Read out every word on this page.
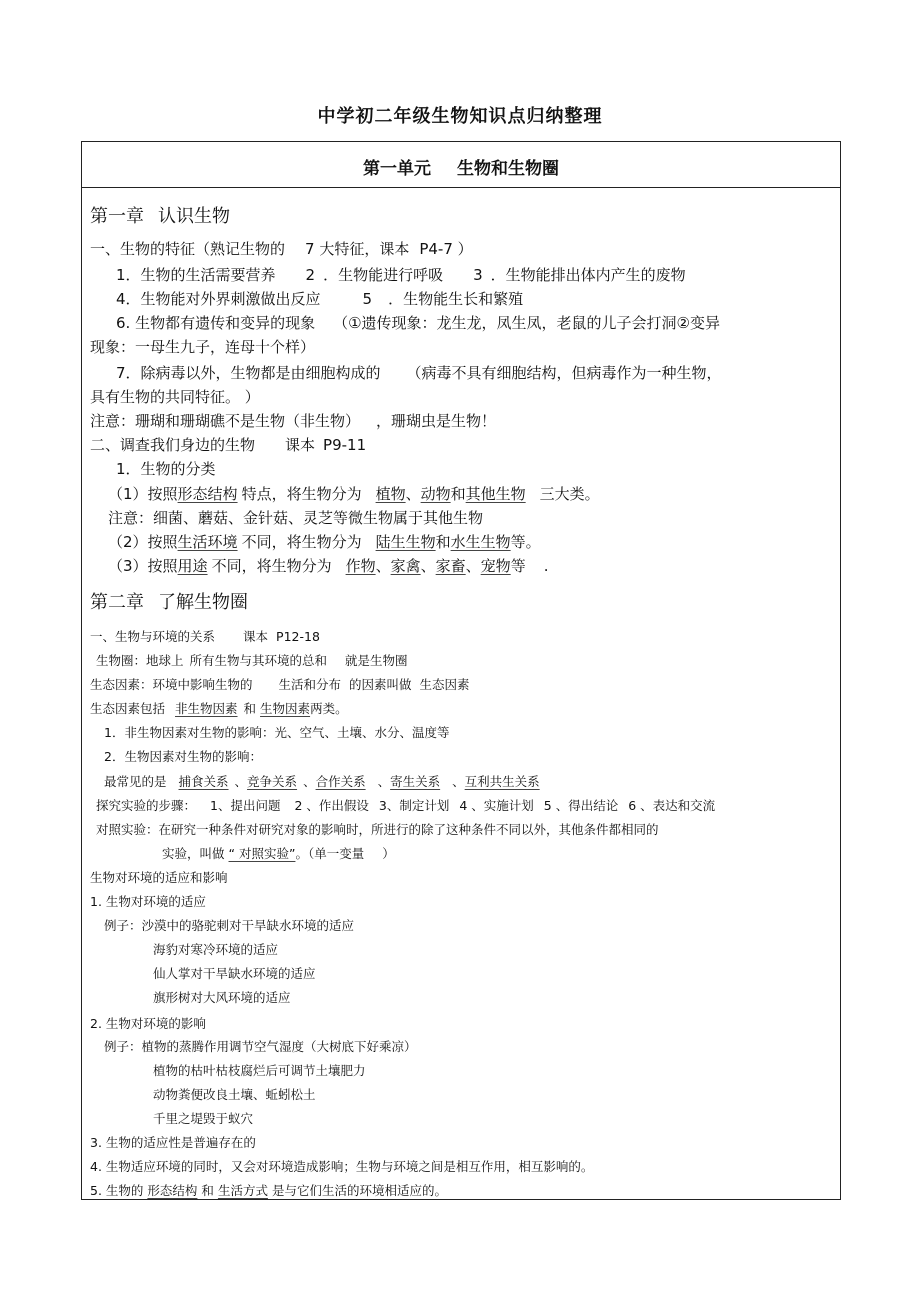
中学初二年级生物知识点归纳整理
第一单元 生物和生物圈
第一章 认识生物
一、生物的特征（熟记生物的 7 大特征，课本 P4-7 ）
1．生物的生活需要营养 2 ．生物能进行呼吸 3 ．生物能排出体内产生的废物
4．生物能对外界刺激做出反应	5 ．生物能生长和繁殖
6. 生物都有遗传和变异的现象 （①遗传现象：龙生龙，凤生凤，老鼠的儿子会打洞②变异
现象：一母生九子，连母十个样）
7．除病毒以外，生物都是由细胞构成的 （病毒不具有细胞结构，但病毒作为一种生物，
具有生物的共同特征。 ）
注意：珊瑚和珊瑚礁不是生物（非生物） ，珊瑚虫是生物！
二、调查我们身边的生物 课本 P9-11
1．生物的分类
（1）按照形态结构 特点，将生物分为 植物、动物和其他生物 三大类。
注意：细菌、蘑菇、金针菇、灵芝等微生物属于其他生物
（2）按照生活环境 不同，将生物分为 陆生生物和水生生物等。
（3）按照用途 不同，将生物分为 作物、家禽、家畜、宠物等 .
第二章 了解生物圈
一、生物与环境的关系 课本 P12-18
生物圈：地球上 所有生物与其环境的总和 就是生物圈
生态因素：环境中影响生物的 生活和分布 的因素叫做 生态因素
生态因素包括 非生物因素 和 生物因素两类。
1．非生物因素对生物的影响：光、空气、土壤、水分、温度等
2．生物因素对生物的影响：
最常见的是 捕食关系 、竞争关系 、合作关系 、寄生关系 、互利共生关系
探究实验的步骤： 1、提出问题 2 、作出假设 3、制定计划 4 、实施计划 5 、得出结论 6 、表达和交流
对照实验：在研究一种条件对研究对象的影响时，所进行的除了这种条件不同以外，其他条件都相同的
实验，叫做 “ 对照实验”。（单一变量 ）
生物对环境的适应和影响
1. 生物对环境的适应
例子：沙漠中的骆驼刺对干旱缺水环境的适应
海豹对寒冷环境的适应
仙人掌对干旱缺水环境的适应
旗形树对大风环境的适应
2. 生物对环境的影响
例子：植物的蒸腾作用调节空气湿度（大树底下好乘凉）
植物的枯叶枯枝腐烂后可调节土壤肥力
动物粪便改良土壤、蚯蚓松土
千里之堤毁于蚁穴
3. 生物的适应性是普遍存在的
4. 生物适应环境的同时，又会对环境造成影响；生物与环境之间是相互作用，相互影响的。
5. 生物的 形态结构 和 生活方式 是与它们生活的环境相适应的。
